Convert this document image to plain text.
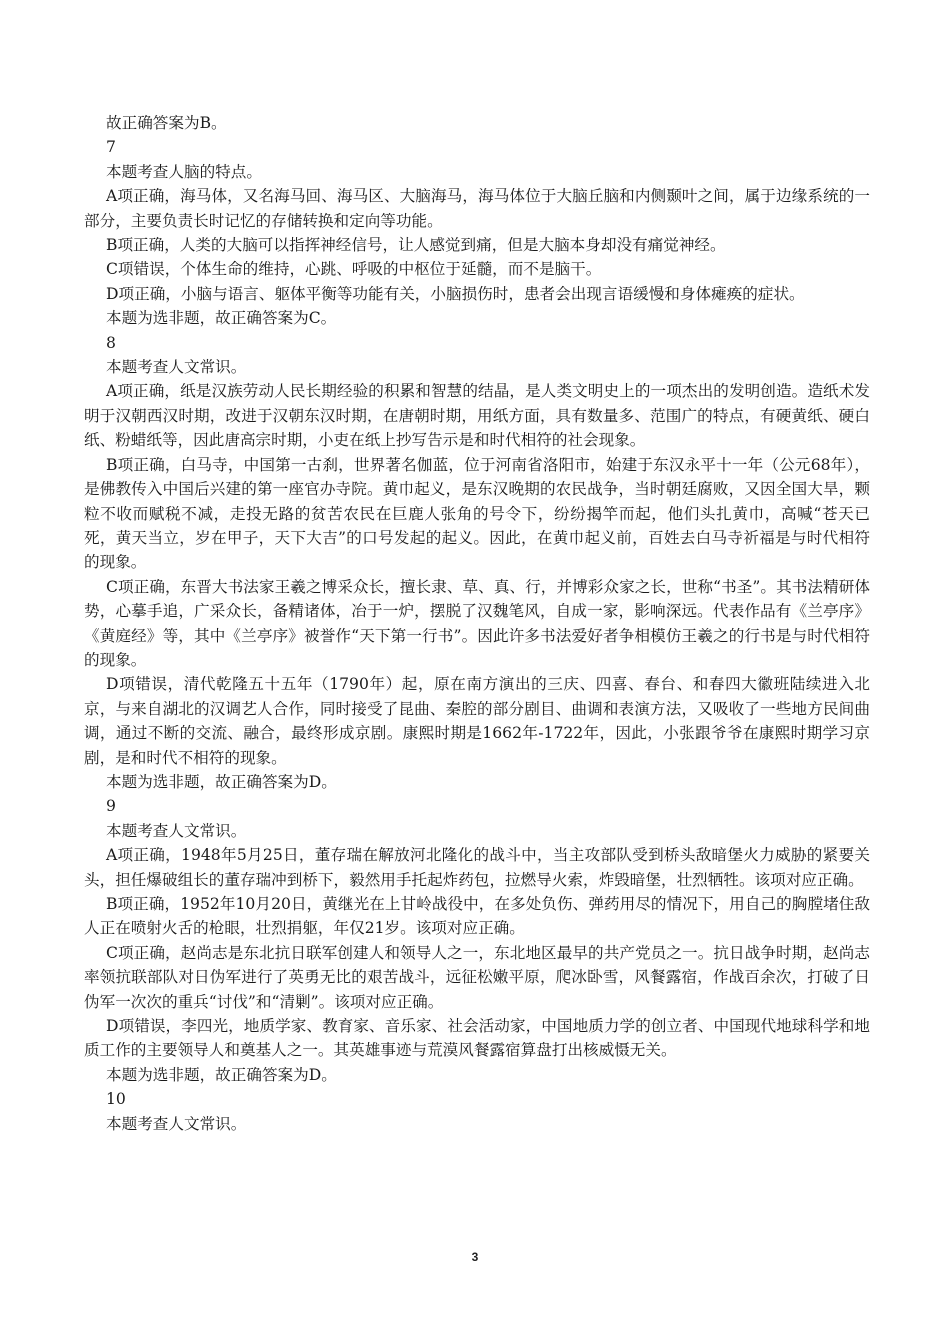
故正确答案为B。

7

本题考查人脑的特点。

A项正确，海马体，又名海马回、海马区、大脑海马，海马体位于大脑丘脑和内侧颞叶之间，属于边缘系统的一部分，主要负责长时记忆的存储转换和定向等功能。

B项正确，人类的大脑可以指挥神经信号，让人感觉到痛，但是大脑本身却没有痛觉神经。

C项错误，个体生命的维持，心跳、呼吸的中枢位于延髓，而不是脑干。

D项正确，小脑与语言、躯体平衡等功能有关，小脑损伤时，患者会出现言语缓慢和身体瘫痪的症状。

本题为选非题，故正确答案为C。

8

本题考查人文常识。

A项正确，纸是汉族劳动人民长期经验的积累和智慧的结晶，是人类文明史上的一项杰出的发明创造。造纸术发明于汉朝西汉时期，改进于汉朝东汉时期，在唐朝时期，用纸方面，具有数量多、范围广的特点，有硬黄纸、硬白纸、粉蜡纸等，因此唐高宗时期，小吏在纸上抄写告示是和时代相符的社会现象。

B项正确，白马寺，中国第一古刹，世界著名伽蓝，位于河南省洛阳市，始建于东汉永平十一年（公元68年），是佛教传入中国后兴建的第一座官办寺院。黄巾起义，是东汉晚期的农民战争，当时朝廷腐败，又因全国大旱，颗粒不收而赋税不减，走投无路的贫苦农民在巨鹿人张角的号令下，纷纷揭竿而起，他们头扎黄巾，高喊“苍天已死，黄天当立，岁在甲子，天下大吉”的口号发起的起义。因此，在黄巾起义前，百姓去白马寺祈福是与时代相符的现象。

C项正确，东晋大书法家王羲之博采众长，擅长隶、草、真、行，并博彩众家之长，世称“书圣”。其书法精研体势，心摹手追，广采众长，备精诸体，冶于一炉，摆脱了汉魏笔风，自成一家，影响深远。代表作品有《兰亭序》《黄庭经》等，其中《兰亭序》被誉作“天下第一行书”。因此许多书法爱好者争相模仿王羲之的行书是与时代相符的现象。

D项错误，清代乾隆五十五年（1790年）起，原在南方演出的三庆、四喜、春台、和春四大徽班陆续进入北京，与来自湖北的汉调艺人合作，同时接受了昆曲、秦腔的部分剧目、曲调和表演方法，又吸收了一些地方民间曲调，通过不断的交流、融合，最终形成京剧。康熙时期是1662年-1722年，因此，小张跟爷爷在康熙时期学习京剧，是和时代不相符的现象。

本题为选非题，故正确答案为D。

9

本题考查人文常识。

A项正确，1948年5月25日，董存瑞在解放河北隆化的战斗中，当主攻部队受到桥头敌暗堡火力威胁的紧要关头，担任爆破组长的董存瑞冲到桥下，毅然用手托起炸药包，拉燃导火索，炸毁暗堡，壮烈牺牲。该项对应正确。

B项正确，1952年10月20日，黄继光在上甘岭战役中，在多处负伤、弹药用尽的情况下，用自己的胸膛堵住敌人正在喷射火舌的枪眼，壮烈捐躯，年仅21岁。该项对应正确。

C项正确，赵尚志是东北抗日联军创建人和领导人之一，东北地区最早的共产党员之一。抗日战争时期，赵尚志率领抗联部队对日伪军进行了英勇无比的艰苦战斗，远征松嫩平原，爬冰卧雪，风餐露宿，作战百余次，打破了日伪军一次次的重兵“讨伐”和“清剿”。该项对应正确。

D项错误，李四光，地质学家、教育家、音乐家、社会活动家，中国地质力学的创立者、中国现代地球科学和地质工作的主要领导人和奠基人之一。其英雄事迹与荒漠风餐露宿算盘打出核威慑无关。

本题为选非题，故正确答案为D。

10

本题考查人文常识。

3
